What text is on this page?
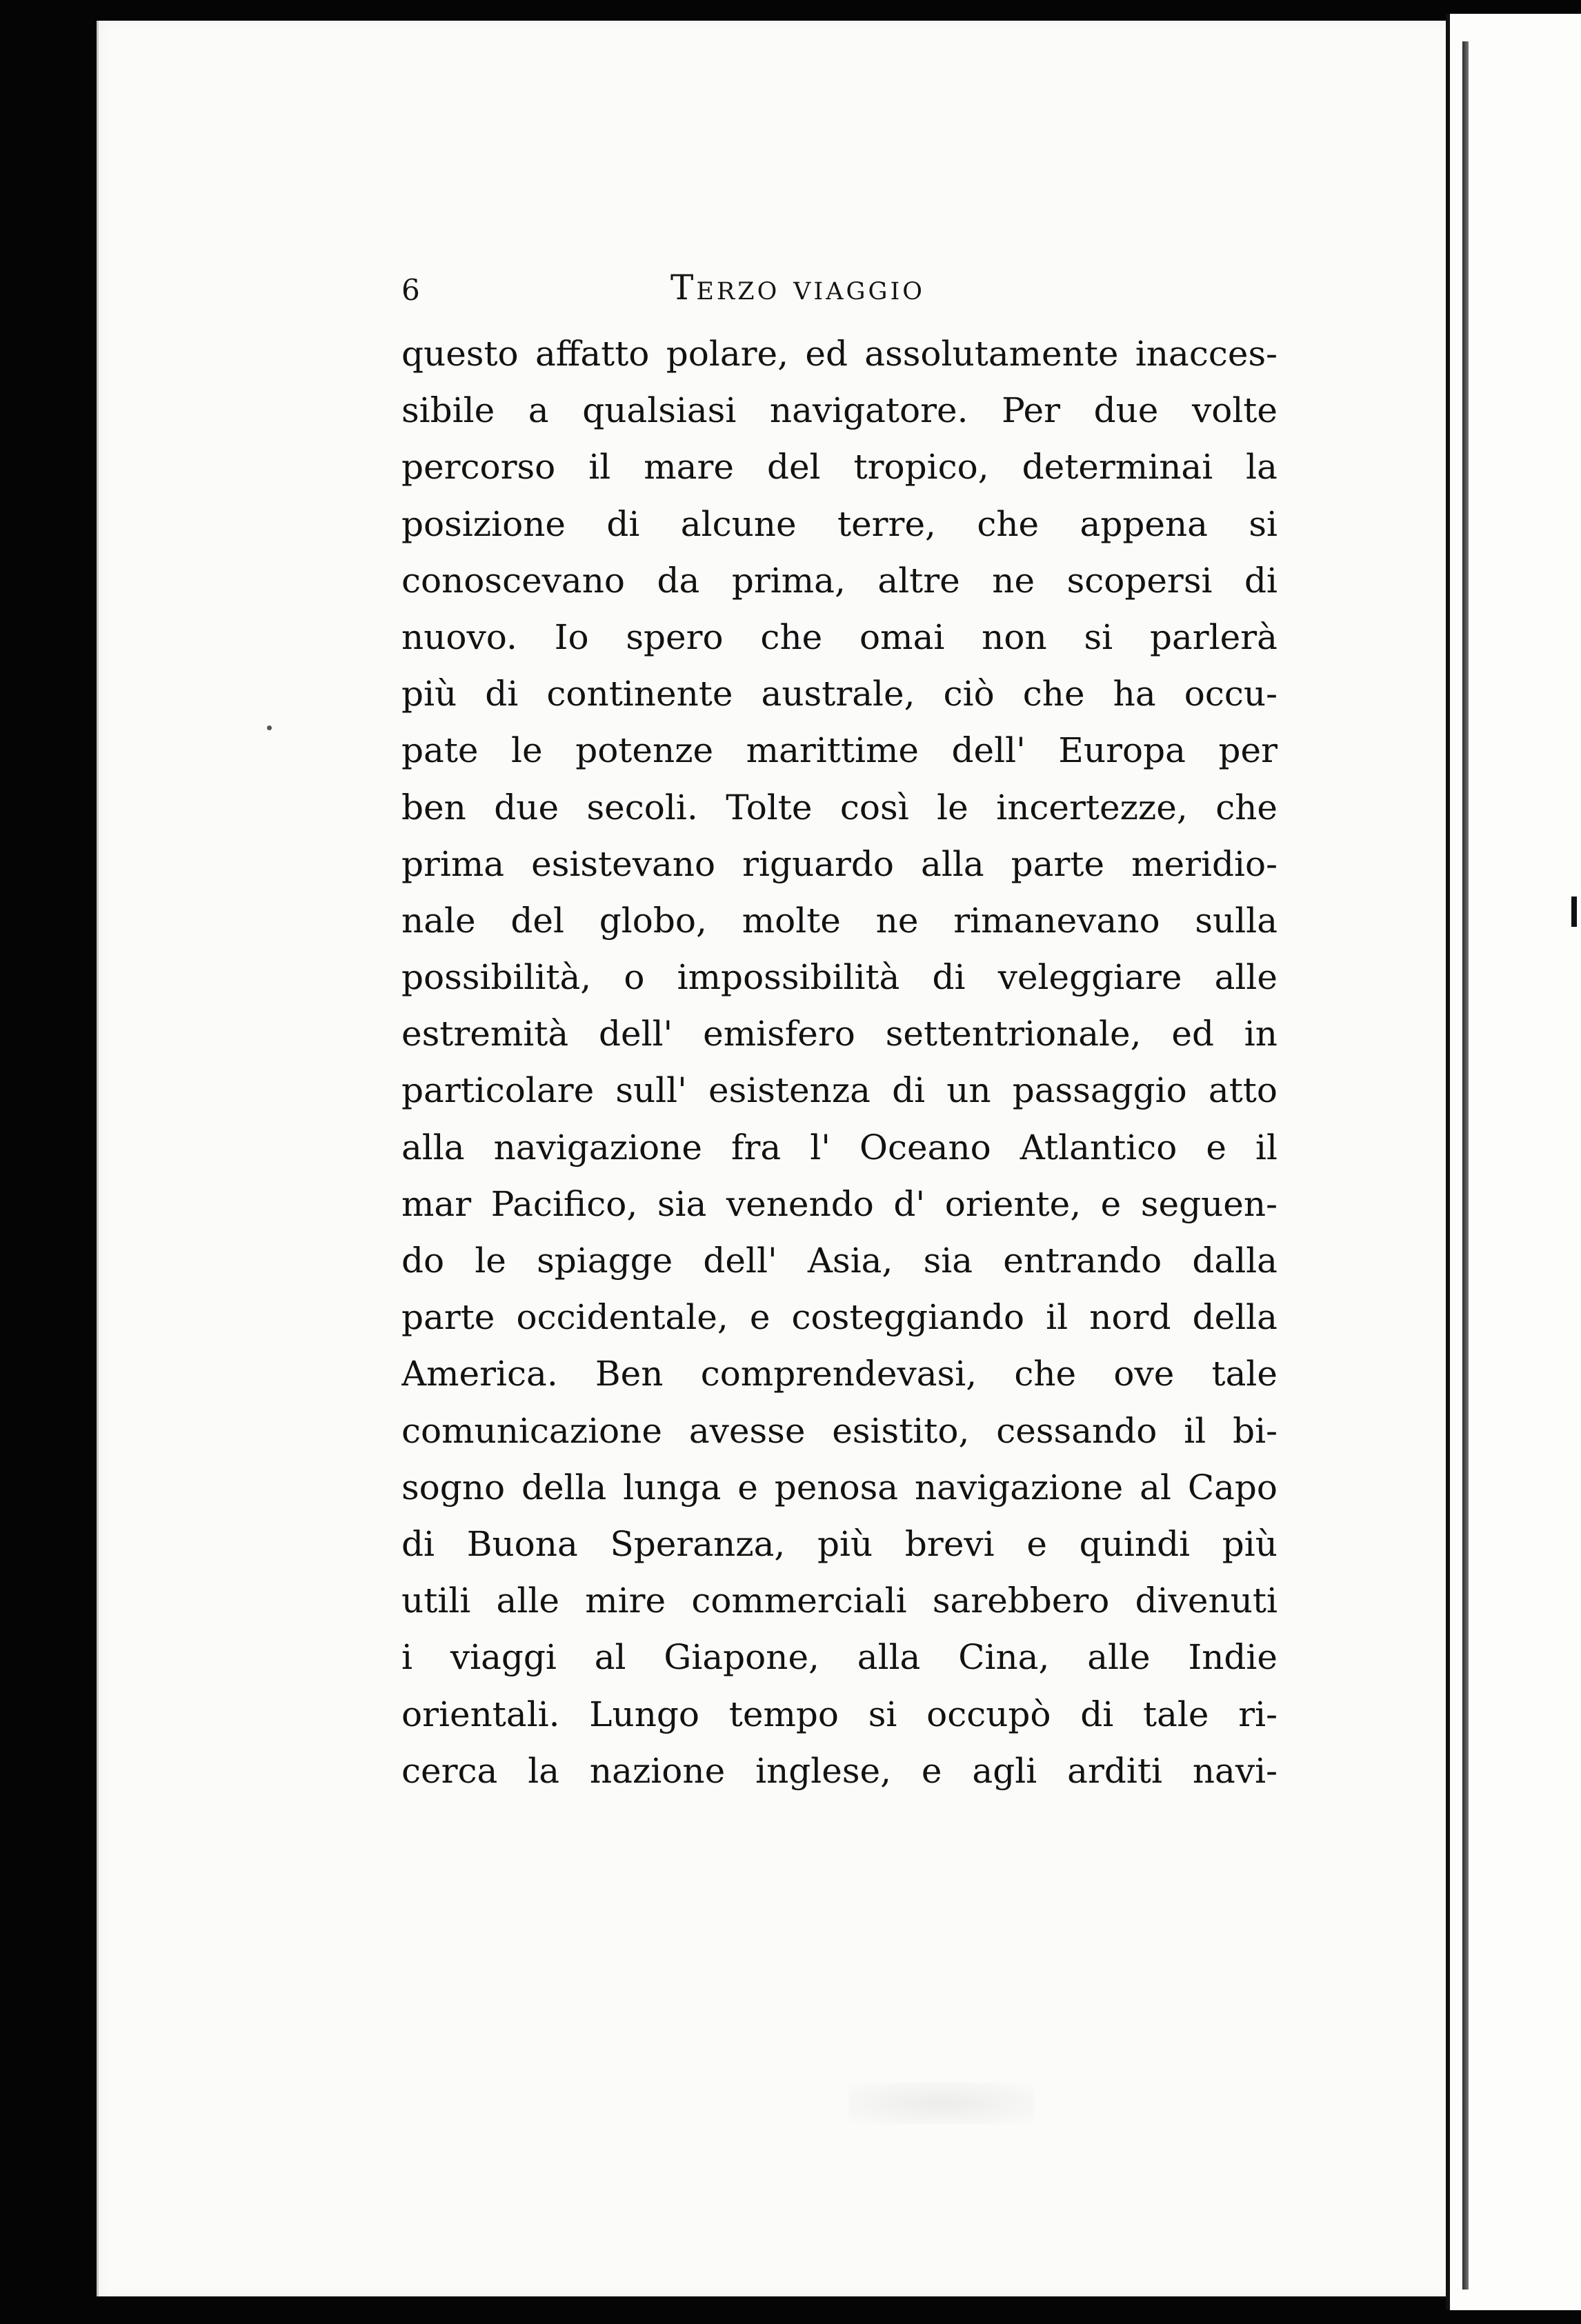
6	Terzo viaggio
questo affatto polare, ed assolutamente inacces-
sibile a qualsiasi navigatore. Per due volte
percorso il mare del tropico, determinai la
posizione di alcune terre, che appena si
conoscevano da prima, altre ne scopersi di
nuovo. Io spero che omai non si parlerà
più di continente australe, ciò che ha occu-
pate le potenze marittime dell' Europa per
ben due secoli. Tolte così le incertezze, che
prima esistevano riguardo alla parte meridio-
nale del globo, molte ne rimanevano sulla
possibilità, o impossibilità di veleggiare alle
estremità dell' emisfero settentrionale, ed in
particolare sull' esistenza di un passaggio atto
alla navigazione fra l' Oceano Atlantico e il
mar Pacifico, sia venendo d' oriente, e seguen-
do le spiagge dell' Asia, sia entrando dalla
parte occidentale, e costeggiando il nord della
America. Ben comprendevasi, che ove tale
comunicazione avesse esistito, cessando il bi-
sogno della lunga e penosa navigazione al Capo
di Buona Speranza, più brevi e quindi più
utili alle mire commerciali sarebbero divenuti
i viaggi al Giapone, alla Cina, alle Indie
orientali. Lungo tempo si occupò di tale ri-
cerca la nazione inglese, e agli arditi navi-
